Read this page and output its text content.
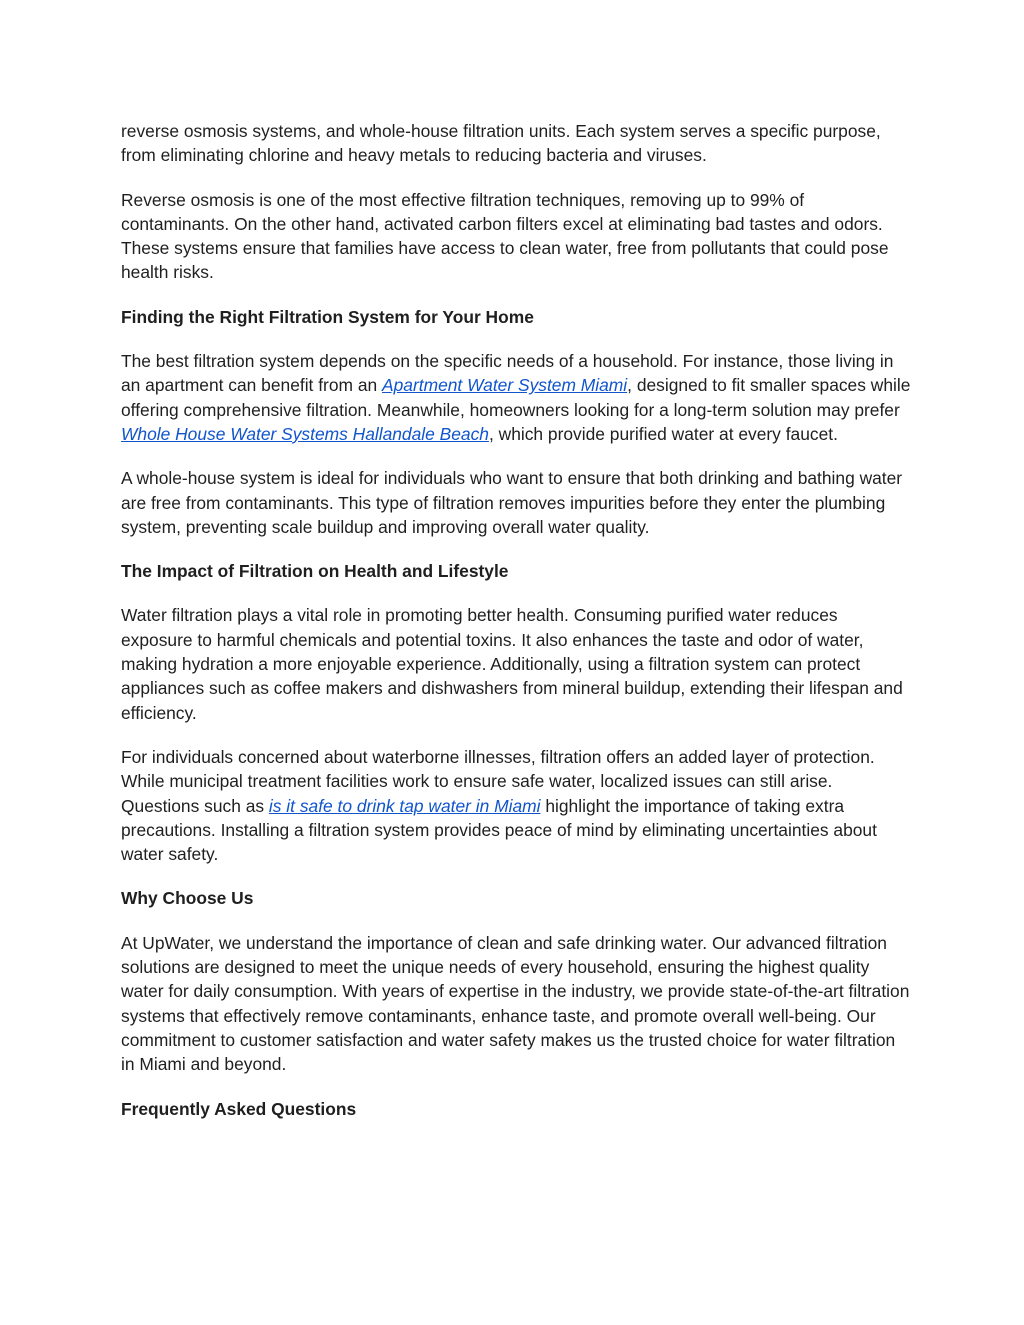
reverse osmosis systems, and whole-house filtration units. Each system serves a specific purpose, from eliminating chlorine and heavy metals to reducing bacteria and viruses.

Reverse osmosis is one of the most effective filtration techniques, removing up to 99% of contaminants. On the other hand, activated carbon filters excel at eliminating bad tastes and odors. These systems ensure that families have access to clean water, free from pollutants that could pose health risks.

Finding the Right Filtration System for Your Home

The best filtration system depends on the specific needs of a household. For instance, those living in an apartment can benefit from an Apartment Water System Miami, designed to fit smaller spaces while offering comprehensive filtration. Meanwhile, homeowners looking for a long-term solution may prefer Whole House Water Systems Hallandale Beach, which provide purified water at every faucet.

A whole-house system is ideal for individuals who want to ensure that both drinking and bathing water are free from contaminants. This type of filtration removes impurities before they enter the plumbing system, preventing scale buildup and improving overall water quality.

The Impact of Filtration on Health and Lifestyle

Water filtration plays a vital role in promoting better health. Consuming purified water reduces exposure to harmful chemicals and potential toxins. It also enhances the taste and odor of water, making hydration a more enjoyable experience. Additionally, using a filtration system can protect appliances such as coffee makers and dishwashers from mineral buildup, extending their lifespan and efficiency.

For individuals concerned about waterborne illnesses, filtration offers an added layer of protection. While municipal treatment facilities work to ensure safe water, localized issues can still arise. Questions such as is it safe to drink tap water in Miami highlight the importance of taking extra precautions. Installing a filtration system provides peace of mind by eliminating uncertainties about water safety.

Why Choose Us

At UpWater, we understand the importance of clean and safe drinking water. Our advanced filtration solutions are designed to meet the unique needs of every household, ensuring the highest quality water for daily consumption. With years of expertise in the industry, we provide state-of-the-art filtration systems that effectively remove contaminants, enhance taste, and promote overall well-being. Our commitment to customer satisfaction and water safety makes us the trusted choice for water filtration in Miami and beyond.

Frequently Asked Questions
